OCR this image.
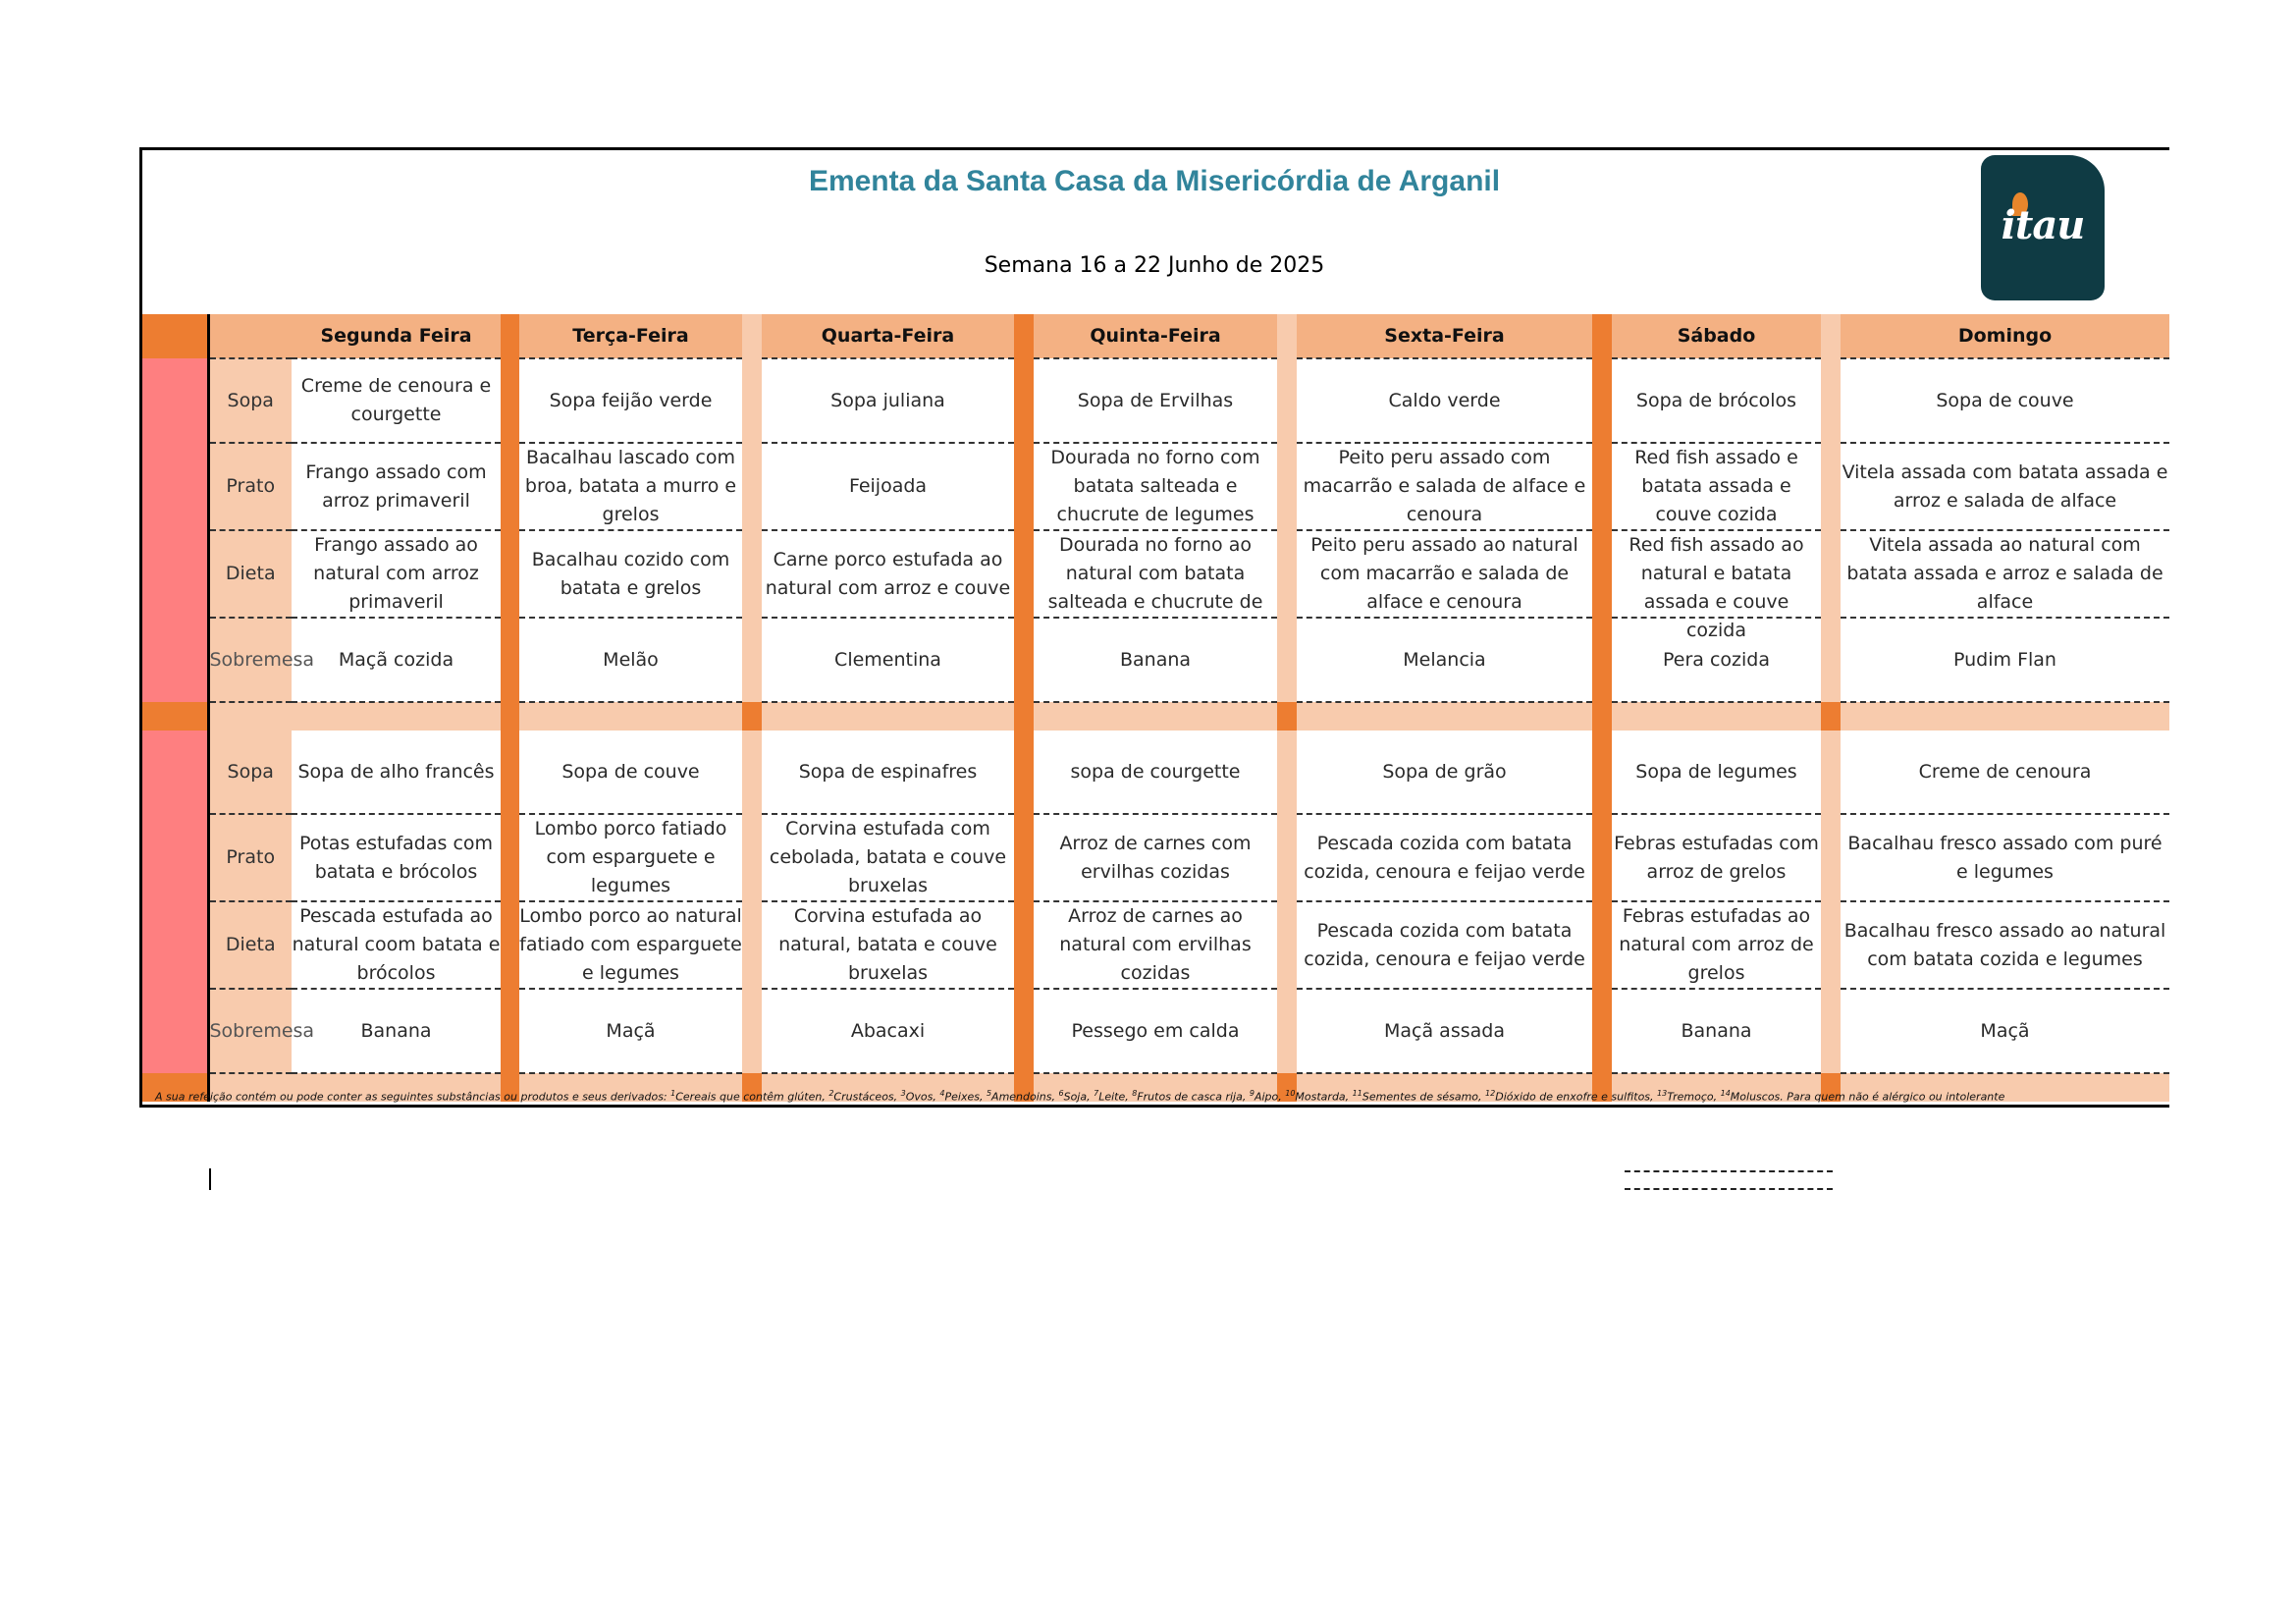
Ementa da Santa Casa da Misericórdia de Arganil
Semana 16 a 22 Junho de 2025
itau
		Segunda Feira		Terça-Feira		Quarta-Feira		Quinta-Feira		Sexta-Feira		Sábado		Domingo
	Sopa	Creme de cenoura e courgette		Sopa feijão verde		Sopa juliana		Sopa de Ervilhas		Caldo verde		Sopa de brócolos		Sopa de couve

	Prato	Frango assado com arroz primaveril		Bacalhau lascado com broa, batata a murro e grelos		Feijoada		Dourada no forno com batata salteada e chucrute de legumes		Peito peru assado com macarrão e salada de alface e cenoura		Red fish assado e batata assada e couve cozida		Vitela assada com batata assada e arroz e salada de alface

	Dieta	Frango assado ao natural com arroz primaveril		Bacalhau cozido com batata e grelos		Carne porco estufada ao natural com arroz e couve		Dourada no forno ao natural com batata salteada e chucrute de		Peito peru assado ao natural com macarrão e salada de alface e cenoura		Red fish assado ao natural e batata assada e couve cozida		Vitela assada ao natural com batata assada e arroz e salada de alface

	Sobremesa	Maçã cozida		Melão		Clementina		Banana		Melancia		Pera cozida		Pudim Flan

	Sopa	Sopa de alho francês		Sopa de couve		Sopa de espinafres		sopa de courgette		Sopa de grão		Sopa de legumes		Creme de cenoura

	Prato	Potas estufadas com batata e brócolos		Lombo porco fatiado com esparguete e legumes		Corvina estufada com cebolada, batata e couve bruxelas		Arroz de carnes com ervilhas cozidas		Pescada cozida com batata cozida, cenoura e feijao verde		Febras estufadas com arroz de grelos		Bacalhau fresco assado com puré e legumes

	Dieta	Pescada estufada ao natural coom batata e brócolos		Lombo porco ao natural fatiado com esparguete e legumes		Corvina estufada ao natural, batata e couve bruxelas		Arroz de carnes ao natural com ervilhas cozidas		Pescada cozida com batata cozida, cenoura e feijao verde		Febras estufadas ao natural com arroz de grelos		Bacalhau fresco assado ao natural com batata cozida e legumes

	Sobremesa	Banana		Maçã		Abacaxi		Pessego em calda		Maçã assada		Banana		Maçã

A sua refeição contém ou pode conter as seguintes substâncias ou produtos e seus derivados: $^1$Cereais que contêm glúten, $^2$Crustáceos, $^3$Ovos, $^4$Peixes, $^5$Amendoins, $^6$Soja, $^7$Leite, $^8$Frutos de casca rija, $^9$Aipo, $^{10}$Mostarda, $^{11}$Sementes de sésamo, $^{12}$Dióxido de enxofre e sulfitos, $^{13}$Tremoço, $^{14}$Moluscos. Para quem não é alérgico ou intolerante
